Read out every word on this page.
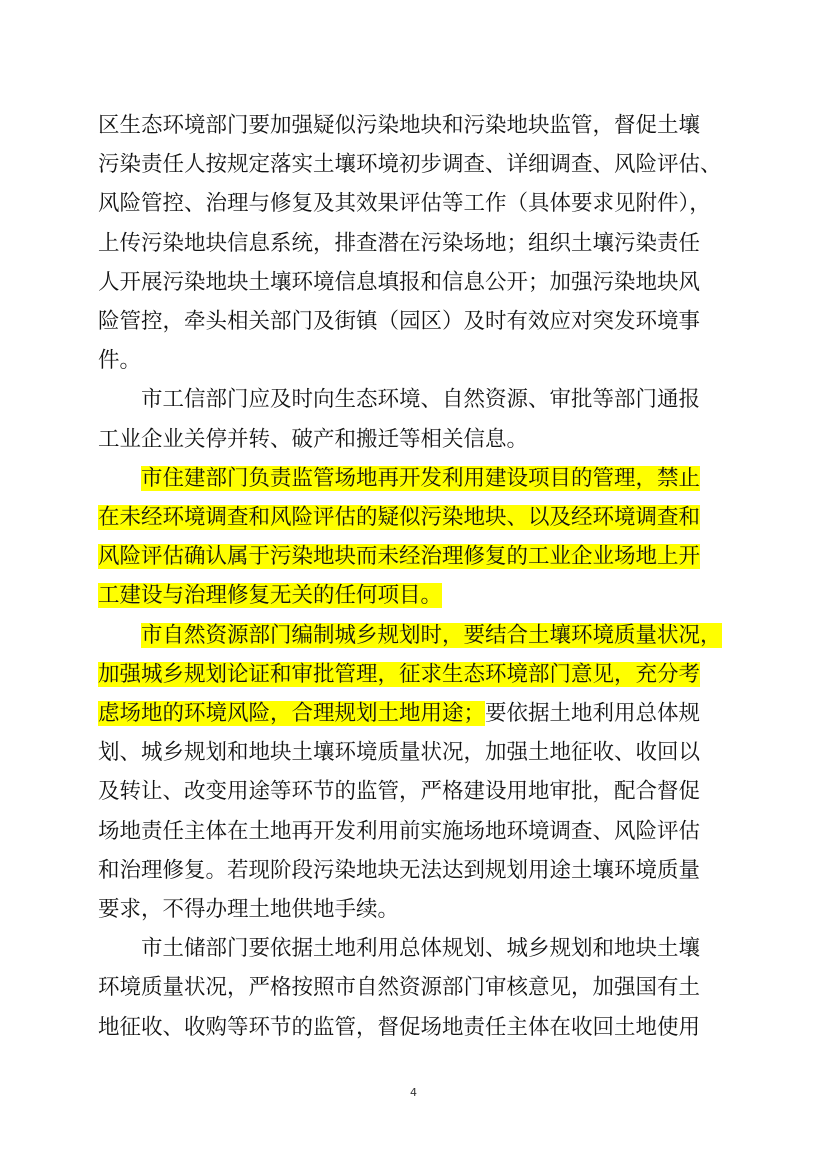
区生态环境部门要加强疑似污染地块和污染地块监管，督促土壤
污染责任人按规定落实土壤环境初步调查、详细调查、风险评估、
风险管控、治理与修复及其效果评估等工作（具体要求见附件），
上传污染地块信息系统，排查潜在污染场地；组织土壤污染责任
人开展污染地块土壤环境信息填报和信息公开；加强污染地块风
险管控，牵头相关部门及街镇（园区）及时有效应对突发环境事
件。
　　市工信部门应及时向生态环境、自然资源、审批等部门通报
工业企业关停并转、破产和搬迁等相关信息。
　　市住建部门负责监管场地再开发利用建设项目的管理，禁止
在未经环境调查和风险评估的疑似污染地块、以及经环境调查和
风险评估确认属于污染地块而未经治理修复的工业企业场地上开
工建设与治理修复无关的任何项目。
　　市自然资源部门编制城乡规划时，要结合土壤环境质量状况，
加强城乡规划论证和审批管理，征求生态环境部门意见，充分考
虑场地的环境风险，合理规划土地用途；要依据土地利用总体规
划、城乡规划和地块土壤环境质量状况，加强土地征收、收回以
及转让、改变用途等环节的监管，严格建设用地审批，配合督促
场地责任主体在土地再开发利用前实施场地环境调查、风险评估
和治理修复。若现阶段污染地块无法达到规划用途土壤环境质量
要求，不得办理土地供地手续。
　　市土储部门要依据土地利用总体规划、城乡规划和地块土壤
环境质量状况，严格按照市自然资源部门审核意见，加强国有土
地征收、收购等环节的监管，督促场地责任主体在收回土地使用
4
